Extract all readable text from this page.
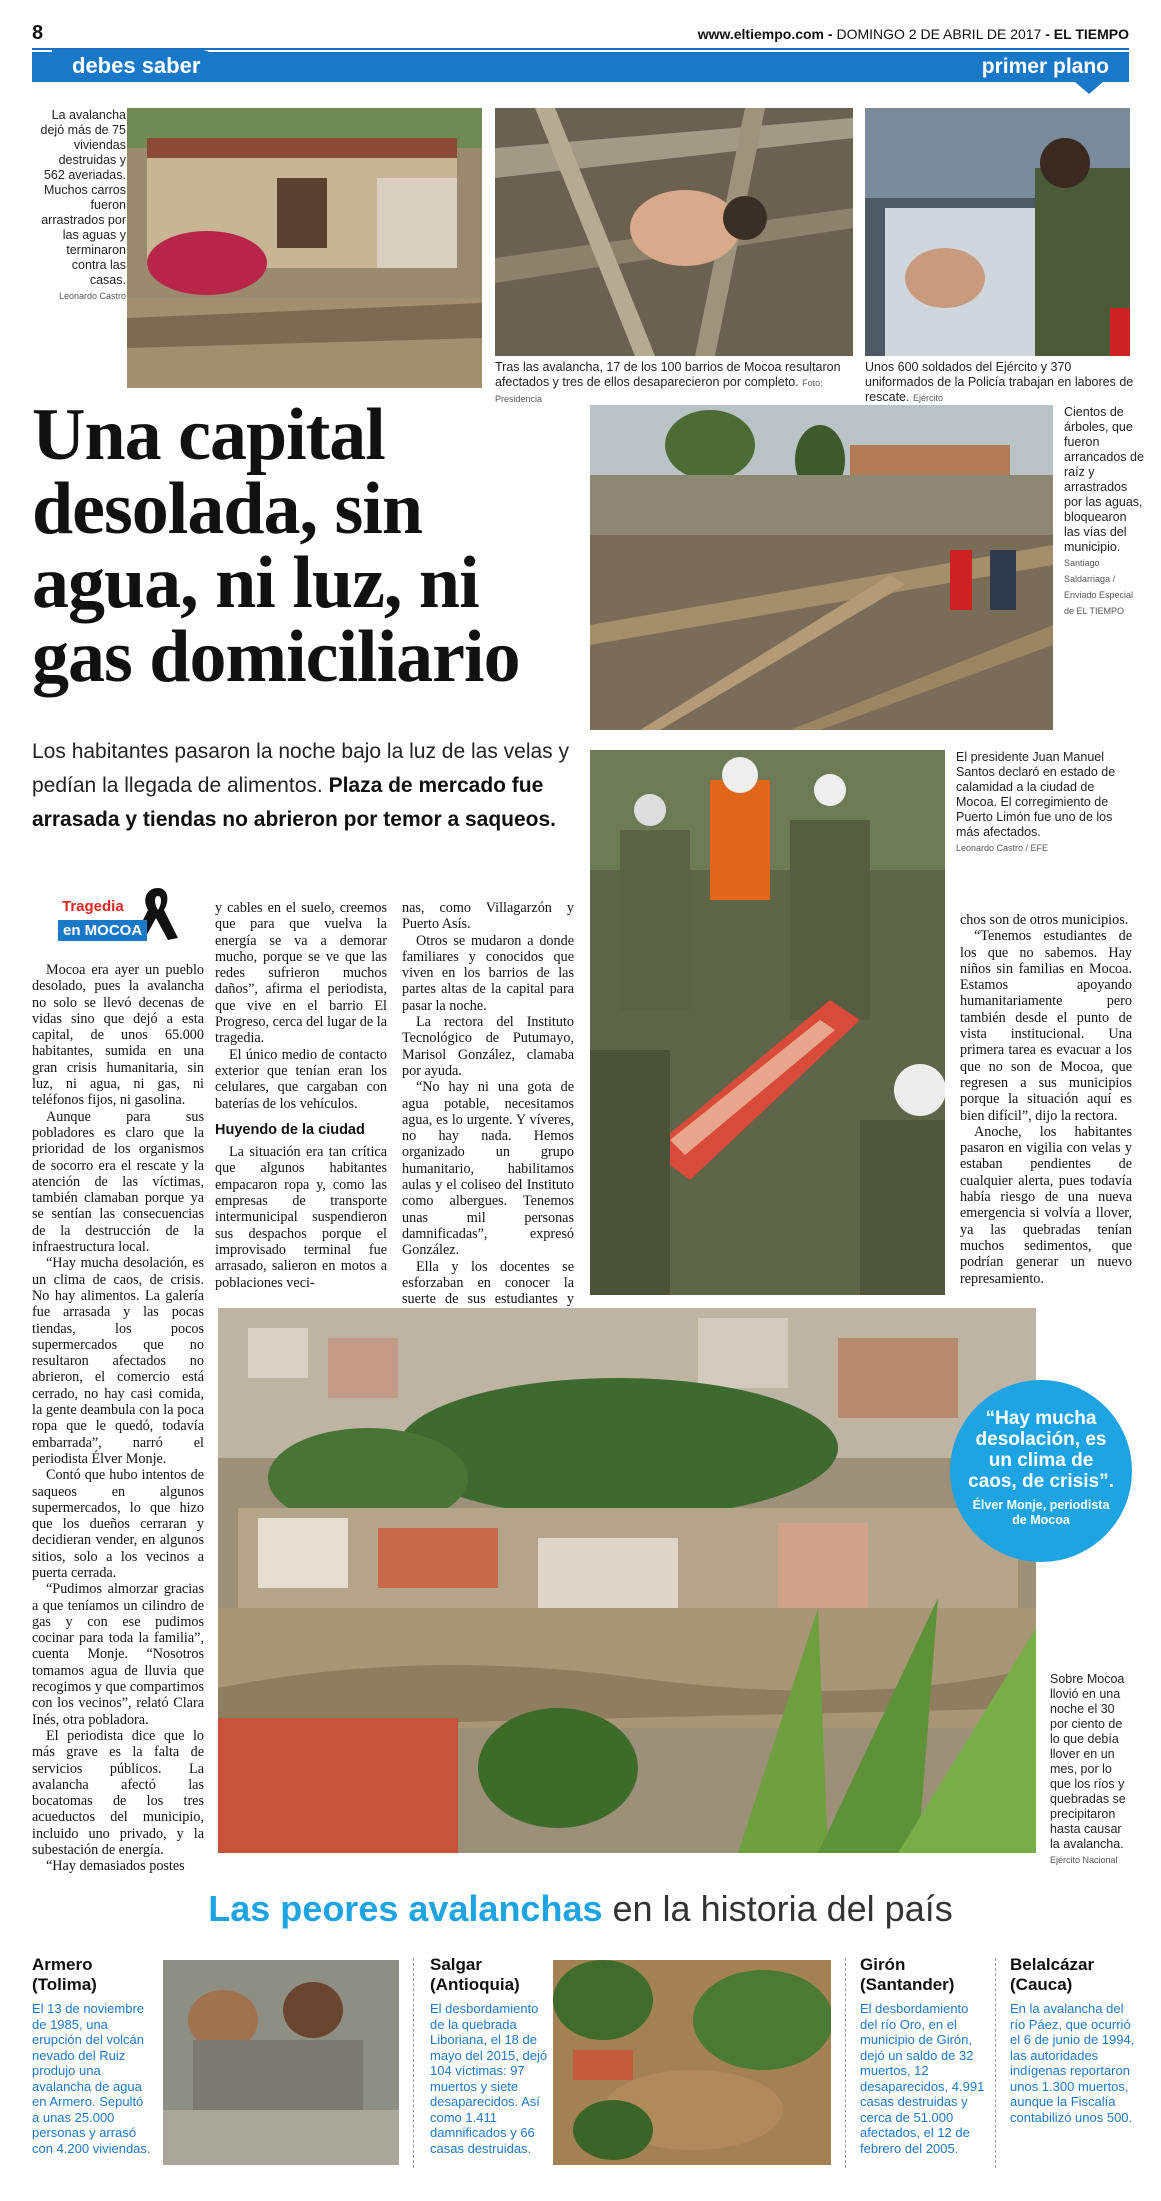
8	www.eltiempo.com - DOMINGO 2 DE ABRIL DE 2017 - EL TIEMPO
debes saber	primer plano
La avalancha dejó más de 75 viviendas destruidas y 562 averiadas. Muchos carros fueron arrastrados por las aguas y terminaron contra las casas.
Leonardo Castro
Tras las avalancha, 17 de los 100 barrios de Mocoa resultaron afectados y tres de ellos desaparecieron por completo. Foto: Presidencia
Unos 600 soldados del Ejército y 370 uniformados de la Policía trabajan en labores de rescate. Ejército
Una capital
desolada, sin
agua, ni luz, ni
gas domiciliario
Cientos de árboles, que fueron arrancados de raíz y arrastrados por las aguas, bloquearon las vías del municipio.
Santiago Saldarriaga / Enviado Especial de EL TIEMPO
Los habitantes pasaron la noche bajo la luz de las velas y pedían la llegada de alimentos. Plaza de mercado fue arrasada y tiendas no abrieron por temor a saqueos.
El presidente Juan Manuel Santos declaró en estado de calamidad a la ciudad de Mocoa. El corregimiento de Puerto Limón fue uno de los más afectados.
Leonardo Castro / EFE
Tragedia
en MOCOA

Mocoa era ayer un pueblo desolado, pues la avalancha no solo se llevó decenas de vidas sino que dejó a esta capital, de unos 65.000 habitantes, sumida en una gran crisis humanitaria, sin luz, ni agua, ni gas, ni teléfonos fijos, ni gasolina.

Aunque para sus pobladores es claro que la prioridad de los organismos de socorro era el rescate y la atención de las víctimas, también clamaban porque ya se sentían las consecuencias de la destrucción de la infraestructura local.

“Hay mucha desolación, es un clima de caos, de crisis. No hay alimentos. La galería fue arrasada y las pocas tiendas, los pocos supermercados que no resultaron afectados no abrieron, el comercio está cerrado, no hay casi comida, la gente deambula con la poca ropa que le quedó, todavía embarrada”, narró el periodista Élver Monje.

Contó que hubo intentos de saqueos en algunos supermercados, lo que hizo que los dueños cerraran y decidieran vender, en algunos sitios, solo a los vecinos a puerta cerrada.

“Pudimos almorzar gracias a que teníamos un cilindro de gas y con ese pudimos cocinar para toda la familia”, cuenta Monje. “Nosotros tomamos agua de lluvia que recogimos y que compartimos con los vecinos”, relató Clara Inés, otra pobladora.

El periodista dice que lo más grave es la falta de servicios públicos. La avalancha afectó las bocatomas de los tres acueductos del municipio, incluido uno privado, y la subestación de energía.

“Hay demasiados postes

y cables en el suelo, creemos que para que vuelva la energía se va a demorar mucho, porque se ve que las redes sufrieron muchos daños”, afirma el periodista, que vive en el barrio El Progreso, cerca del lugar de la tragedia.

El único medio de contacto exterior que tenían eran los celulares, que cargaban con baterías de los vehículos.

Huyendo de la ciudad

La situación era tan crítica que algunos habitantes empacaron ropa y, como las empresas de transporte intermunicipal suspendieron sus despachos porque el improvisado terminal fue arrasado, salieron en motos a poblaciones veci-

nas, como Villagarzón y Puerto Asís.

Otros se mudaron a donde familiares y conocidos que viven en los barrios de las partes altas de la capital para pasar la noche.

La rectora del Instituto Tecnológico de Putumayo, Marisol González, clamaba por ayuda.

“No hay ni una gota de agua potable, necesitamos agua, es lo urgente. Y víveres, no hay nada. Hemos organizado un grupo humanitario, habilitamos aulas y el coliseo del Instituto como albergues. Tenemos unas mil personas damnificadas”, expresó González.

Ella y los docentes se esforzaban en conocer la suerte de sus estudiantes y

chos son de otros municipios.

“Tenemos estudiantes de los que no sabemos. Hay niños sin familias en Mocoa. Estamos apoyando humanitariamente pero también desde el punto de vista institucional. Una primera tarea es evacuar a los que no son de Mocoa, que regresen a sus municipios porque la situación aquí es bien difícil”, dijo la rectora.

Anoche, los habitantes pasaron en vigilia con velas y estaban pendientes de cualquier alerta, pues todavía había riesgo de una nueva emergencia si volvía a llover, ya las quebradas tenían muchos sedimentos, que podrían generar un nuevo represamiento.

“Hay mucha desolación, es un clima de caos, de crisis”.
Élver Monje, periodista de Mocoa
Sobre Mocoa llovió en una noche el 30 por ciento de lo que debía llover en un mes, por lo que los ríos y quebradas se precipitaron hasta causar la avalancha.
Ejército Nacional
Las peores avalanchas en la historia del país
Armero (Tolima)

El 13 de noviembre de 1985, una erupción del volcán nevado del Ruiz produjo una avalancha de agua en Armero. Sepultó a unas 25.000 personas y arrasó con 4.200 viviendas.

Salgar (Antioquia)

El desbordamiento de la quebrada Liboriana, el 18 de mayo del 2015, dejó 104 víctimas: 97 muertos y siete desaparecidos. Así como 1.411 damnificados y 66 casas destruidas.

Girón (Santander)

El desbordamiento del río Oro, en el municipio de Girón, dejó un saldo de 32 muertos, 12 desaparecidos, 4.991 casas destruidas y cerca de 51.000 afectados, el 12 de febrero del 2005.

Belalcázar (Cauca)

En la avalancha del río Páez, que ocurrió el 6 de junio de 1994, las autoridades indígenas reportaron unos 1.300 muertos, aunque la Fiscalía contabilizó unos 500.
